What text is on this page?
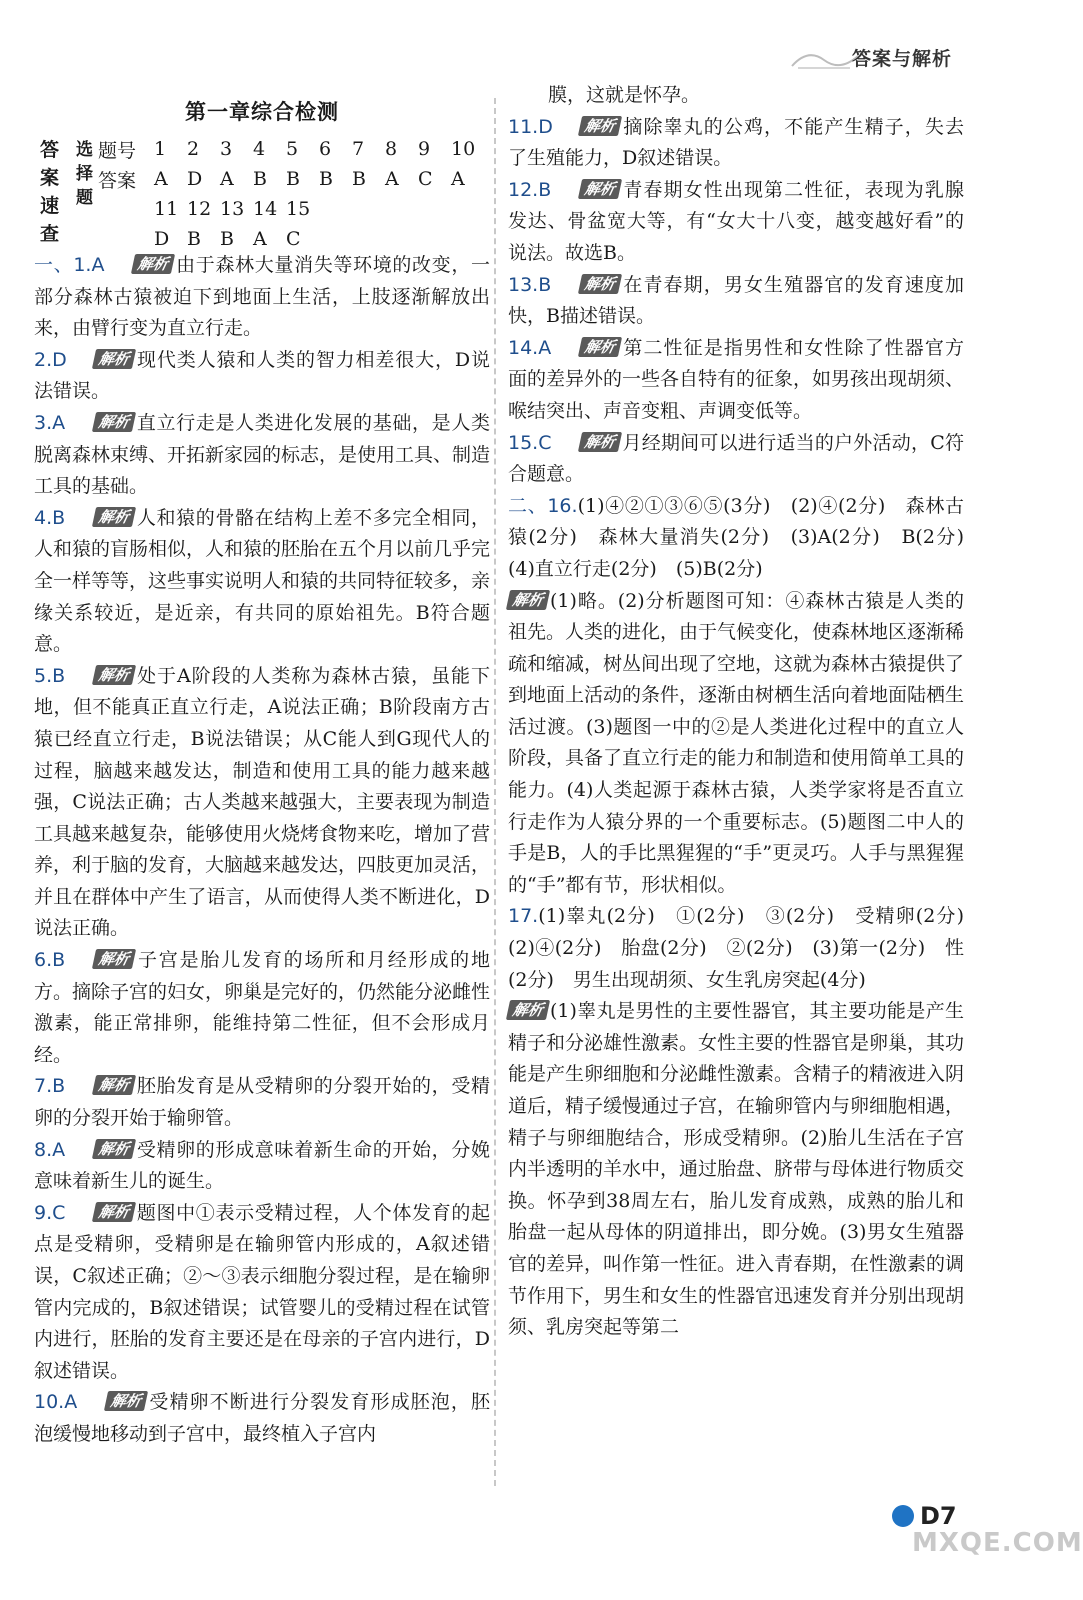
答案与解析
第一章综合检测
答案速查
选择题
题号 1	2	3	4	5	6	7	8	9	10
答案 A	D A	B	B	B	B	A	C A
11 12 13 14 15
D B	B	A	C
一、1.A 解析 由于森林大量消失等环境的改变，一部分森林古猿被迫下到地面上生活，上肢逐渐解放出来，由臂行变为直立行走。
2.D 解析 现代类人猿和人类的智力相差很大，D说法错误。
3.A 解析 直立行走是人类进化发展的基础，是人类脱离森林束缚、开拓新家园的标志，是使用工具、制造工具的基础。
4.B 解析 人和猿的骨骼在结构上差不多完全相同，人和猿的盲肠相似，人和猿的胚胎在五个月以前几乎完全一样等等，这些事实说明人和猿的共同特征较多，亲缘关系较近，是近亲，有共同的原始祖先。B符合题意。
5.B 解析 处于A阶段的人类称为森林古猿，虽能下地，但不能真正直立行走，A说法正确；B阶段南方古猿已经直立行走，B说法错误；从C能人到G现代人的过程，脑越来越发达，制造和使用工具的能力越来越强，C说法正确；古人类越来越强大，主要表现为制造工具越来越复杂，能够使用火烧烤食物来吃，增加了营养，利于脑的发育，大脑越来越发达，四肢更加灵活，并且在群体中产生了语言，从而使得人类不断进化，D说法正确。
6.B 解析 子宫是胎儿发育的场所和月经形成的地方。摘除子宫的妇女，卵巢是完好的，仍然能分泌雌性激素，能正常排卵，能维持第二性征，但不会形成月经。
7.B 解析 胚胎发育是从受精卵的分裂开始的，受精卵的分裂开始于输卵管。
8.A 解析 受精卵的形成意味着新生命的开始，分娩意味着新生儿的诞生。
9.C 解析 题图中①表示受精过程，人个体发育的起点是受精卵，受精卵是在输卵管内形成的，A叙述错误，C叙述正确；②～③表示细胞分裂过程，是在输卵管内完成的，B叙述错误；试管婴儿的受精过程在试管内进行，胚胎的发育主要还是在母亲的子宫内进行，D叙述错误。
10.A 解析 受精卵不断进行分裂发育形成胚泡，胚泡缓慢地移动到子宫中，最终植入子宫内
膜，这就是怀孕。
11.D 解析 摘除睾丸的公鸡，不能产生精子，失去了生殖能力，D叙述错误。
12.B 解析 青春期女性出现第二性征，表现为乳腺发达、骨盆宽大等，有“女大十八变，越变越好看”的说法。故选B。
13.B 解析 在青春期，男女生殖器官的发育速度加快，B描述错误。
14.A 解析 第二性征是指男性和女性除了性器官方面的差异外的一些各自特有的征象，如男孩出现胡须、喉结突出、声音变粗、声调变低等。
15.C 解析 月经期间可以进行适当的户外活动，C符合题意。
二、16.(1)④②①③⑥⑤(3分)　(2)④(2分)　森林古猿(2分)　森林大量消失(2分)　(3)A(2分)　B(2分)　(4)直立行走(2分)　(5)B(2分)
解析 (1)略。(2)分析题图可知：④森林古猿是人类的祖先。人类的进化，由于气候变化，使森林地区逐渐稀疏和缩减，树丛间出现了空地，这就为森林古猿提供了到地面上活动的条件，逐渐由树栖生活向着地面陆栖生活过渡。(3)题图一中的②是人类进化过程中的直立人阶段，具备了直立行走的能力和制造和使用简单工具的能力。(4)人类起源于森林古猿，人类学家将是否直立行走作为人猿分界的一个重要标志。(5)题图二中人的手是B，人的手比黑猩猩的“手”更灵巧。人手与黑猩猩的“手”都有节，形状相似。
17.(1)睾丸(2分)　①(2分)　③(2分)　受精卵(2分)　(2)④(2分)　胎盘(2分)　②(2分)　(3)第一(2分)　性(2分)　男生出现胡须、女生乳房突起(4分)
解析 (1)睾丸是男性的主要性器官，其主要功能是产生精子和分泌雄性激素。女性主要的性器官是卵巢，其功能是产生卵细胞和分泌雌性激素。含精子的精液进入阴道后，精子缓慢通过子宫，在输卵管内与卵细胞相遇，精子与卵细胞结合，形成受精卵。(2)胎儿生活在子宫内半透明的羊水中，通过胎盘、脐带与母体进行物质交换。怀孕到38周左右，胎儿发育成熟，成熟的胎儿和胎盘一起从母体的阴道排出，即分娩。(3)男女生殖器官的差异，叫作第一性征。进入青春期，在性激素的调节作用下，男生和女生的性器官迅速发育并分别出现胡须、乳房突起等第二
D7
MXQE.COM
